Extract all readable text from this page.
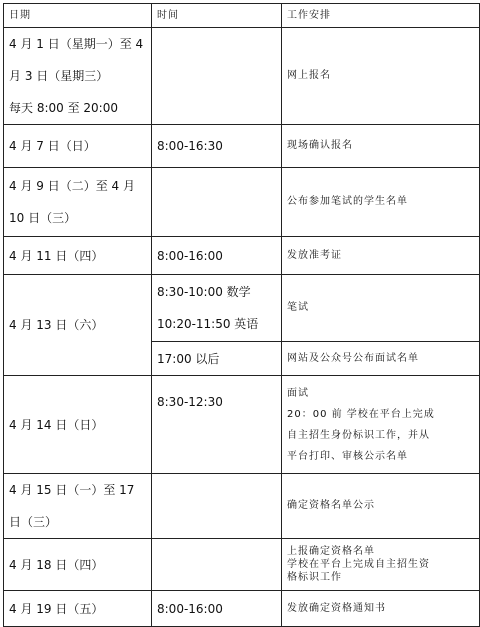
日期	时间	工作安排

4 月 1 日（星期一）至 4 月 3 日（星期三）
每天 8:00 至 20:00		网上报名
4 月 7 日（日）	8:00-16:30	现场确认报名

4 月 9 日（二）至 4 月
10 日（三）		公布参加笔试的学生名单
4 月 11 日（四）	8:00-16:00	发放准考证
4 月 13 日（六）	8:30-10:00 数学
10:20-11:50 英语	笔试
	17:00 以后	网站及公众号公布面试名单
4 月 14 日（日）	8:30-12:30	面试
20：00 前 学校在平台上完成
自主招生身份标识工作，并从
平台打印、审核公示名单

4 月 15 日（一）至 17
日（三）		确定资格名单公示
4 月 18 日（四）		上报确定资格名单
学校在平台上完成自主招生资
格标识工作

4 月 19 日（五）	8:00-16:00	发放确定资格通知书
